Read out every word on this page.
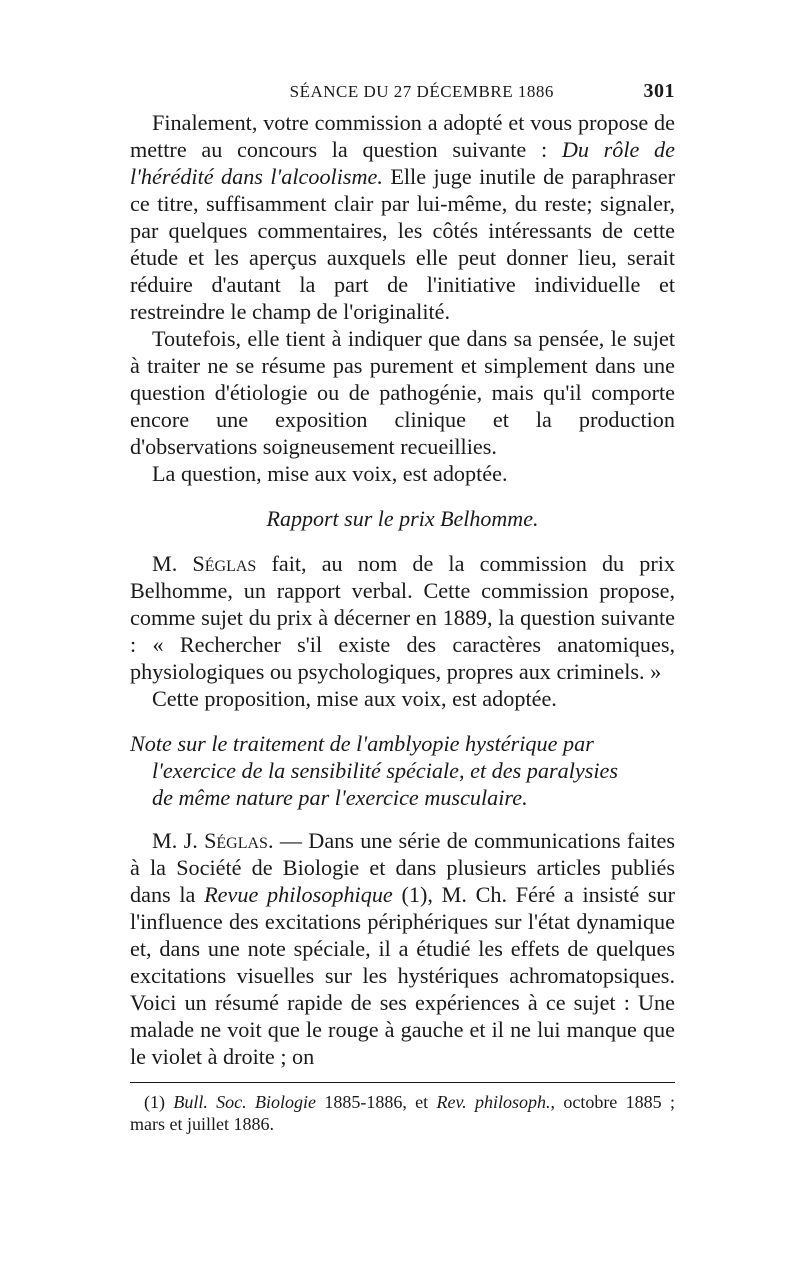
SÉANCE DU 27 DÉCEMBRE 1886	301

Finalement, votre commission a adopté et vous propose de mettre au concours la question suivante : Du rôle de l'hérédité dans l'alcoolisme. Elle juge inutile de paraphraser ce titre, suffisamment clair par lui-même, du reste; signaler, par quelques commentaires, les côtés intéressants de cette étude et les aperçus auxquels elle peut donner lieu, serait réduire d'autant la part de l'initiative individuelle et restreindre le champ de l'originalité.

Toutefois, elle tient à indiquer que dans sa pensée, le sujet à traiter ne se résume pas purement et simplement dans une question d'étiologie ou de pathogénie, mais qu'il comporte encore une exposition clinique et la production d'observations soigneusement recueillies.

La question, mise aux voix, est adoptée.

Rapport sur le prix Belhomme.

M. Séglas fait, au nom de la commission du prix Belhomme, un rapport verbal. Cette commission propose, comme sujet du prix à décerner en 1889, la question suivante : « Rechercher s'il existe des caractères anatomiques, physiologiques ou psychologiques, propres aux criminels. »

Cette proposition, mise aux voix, est adoptée.

Note sur le traitement de l'amblyopie hystérique par

l'exercice de la sensibilité spéciale, et des paralysies
de même nature par l'exercice musculaire.

M. J. Séglas. — Dans une série de communications faites à la Société de Biologie et dans plusieurs articles publiés dans la Revue philosophique (1), M. Ch. Féré a insisté sur l'influence des excitations périphériques sur l'état dynamique et, dans une note spéciale, il a étudié les effets de quelques excitations visuelles sur les hystériques achromatopsiques. Voici un résumé rapide de ses expériences à ce sujet : Une malade ne voit que le rouge à gauche et il ne lui manque que le violet à droite ; on

(1) Bull. Soc. Biologie 1885-1886, et Rev. philosoph., octobre 1885 ; mars et juillet 1886.
